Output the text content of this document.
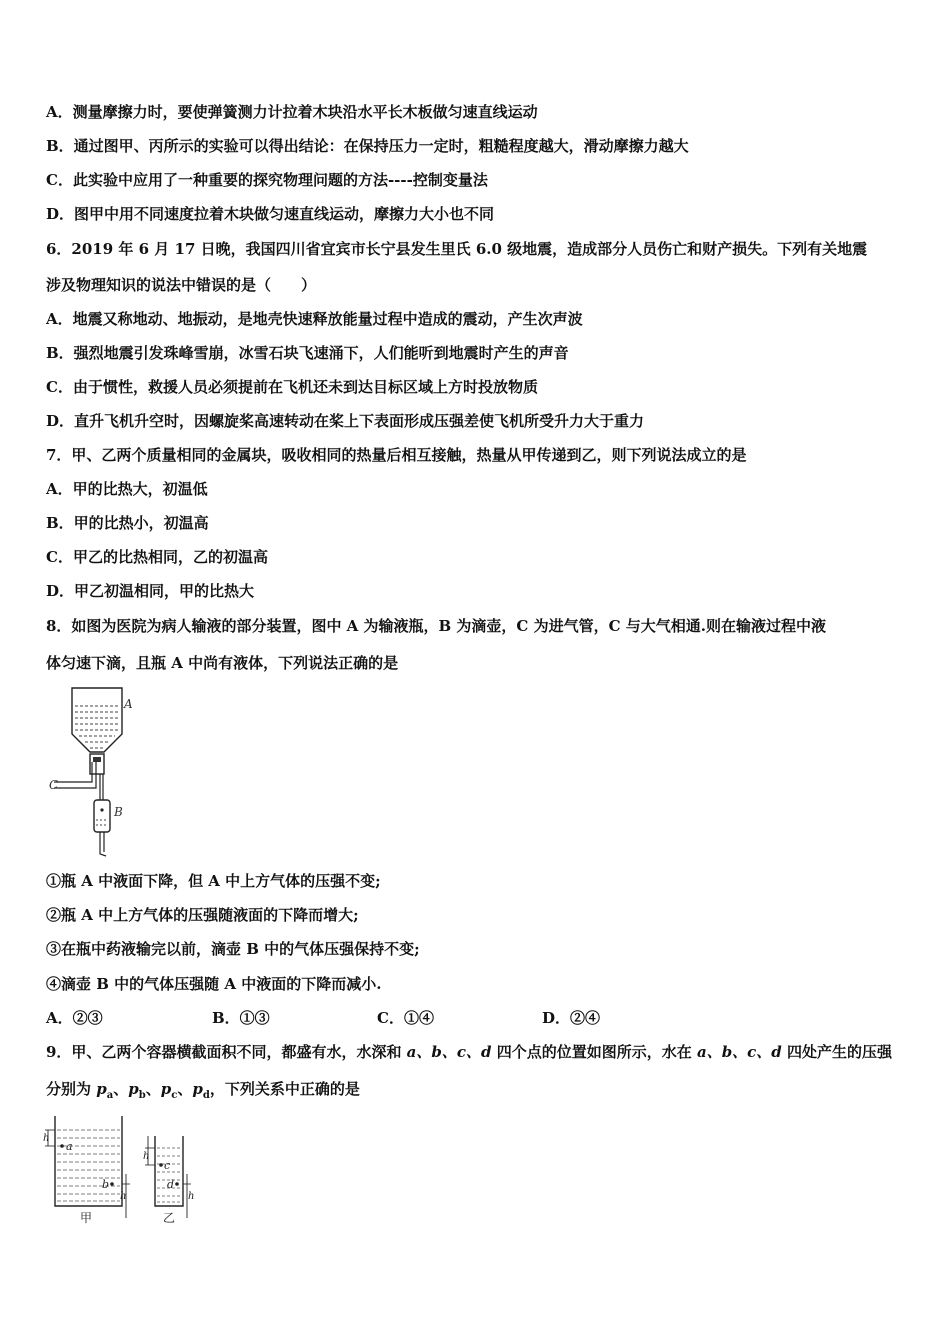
A．测量摩擦力时，要使弹簧测力计拉着木块沿水平长木板做匀速直线运动
B．通过图甲、丙所示的实验可以得出结论：在保持压力一定时，粗糙程度越大，滑动摩擦力越大
C．此实验中应用了一种重要的探究物理问题的方法----控制变量法
D．图甲中用不同速度拉着木块做匀速直线运动，摩擦力大小也不同
6．2019 年 6 月 17 日晚，我国四川省宜宾市长宁县发生里氏 6.0 级地震，造成部分人员伤亡和财产损失。下列有关地震
涉及物理知识的说法中错误的是（　　）
A．地震又称地动、地振动，是地壳快速释放能量过程中造成的震动，产生次声波
B．强烈地震引发珠峰雪崩，冰雪石块飞速涌下，人们能听到地震时产生的声音
C．由于惯性，救援人员必须提前在飞机还未到达目标区域上方时投放物质
D．直升飞机升空时，因螺旋桨高速转动在桨上下表面形成压强差使飞机所受升力大于重力
7．甲、乙两个质量相同的金属块，吸收相同的热量后相互接触，热量从甲传递到乙，则下列说法成立的是
A．甲的比热大，初温低
B．甲的比热小，初温高
C．甲乙的比热相同，乙的初温高
D．甲乙初温相同，甲的比热大
8．如图为医院为病人输液的部分装置，图中 A 为输液瓶，B 为滴壶，C 为进气管，C 与大气相通.则在输液过程中液
体匀速下滴，且瓶 A 中尚有液体，下列说法正确的是
A
C
B
①瓶 A 中液面下降，但 A 中上方气体的压强不变;
②瓶 A 中上方气体的压强随液面的下降而增大;
③在瓶中药液输完以前，滴壶 B 中的气体压强保持不变;
④滴壶 B 中的气体压强随 A 中液面的下降而减小.
A．②③	B．①③	C．①④	D．②④
9．甲、乙两个容器横截面积不同，都盛有水，水深和 a、b、c、d 四个点的位置如图所示，水在 a、b、c、d 四处产生的压强
分别为 $p_a$、$p_b$、$p_c$、$p_d$，下列关系中正确的是
a
b
h
h
甲
c
d
h
h
乙
